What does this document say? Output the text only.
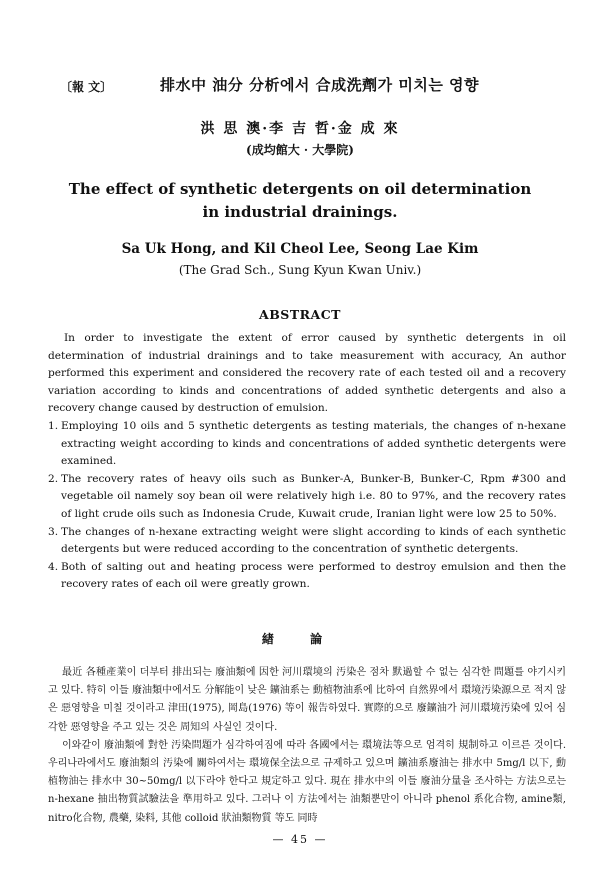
〔報 文〕	排水中 油分 分析에서 合成洗劑가 미치는 영향
洪 思 澳·李 吉 哲·金 成 來
(成均館大 · 大學院)
The effect of synthetic detergents on oil determination
in industrial drainings.
Sa Uk Hong, and Kil Cheol Lee, Seong Lae Kim
(The Grad Sch., Sung Kyun Kwan Univ.)
ABSTRACT

In order to investigate the extent of error caused by synthetic detergents in oil determination of industrial drainings and to take measurement with accuracy, An author performed this experiment and considered the recovery rate of each tested oil and a recovery variation according to kinds and concentrations of added synthetic detergents and also a recovery change caused by destruction of emulsion.

1. Employing 10 oils and 5 synthetic detergents as testing materials, the changes of n-hexane extracting weight according to kinds and concentrations of added synthetic detergents were examined.
2. The recovery rates of heavy oils such as Bunker-A, Bunker-B, Bunker-C, Rpm #300 and vegetable oil namely soy bean oil were relatively high i.e. 80 to 97%, and the recovery rates of light crude oils such as Indonesia Crude, Kuwait crude, Iranian light were low 25 to 50%.
3. The changes of n-hexane extracting weight were slight according to kinds of each synthetic detergents but were reduced according to the concentration of synthetic detergents.
4. Both of salting out and heating process were performed to destroy emulsion and then the recovery rates of each oil were greatly grown.
緖 論

最近 各種產業이 더부터 排出되는 廢油類에 因한 河川環境의 汚染은 점차 默過할 수 없는 심각한 問題를 야기시키고 있다. 特히 이들 廢油類中에서도 分解能이 낮은 鑛油系는 動植物油系에 比하여 自然界에서 環境汚染源으로 적지 않은 惡영향을 미칠 것이라고 津田(1975), 岡島(1976) 等이 報告하였다. 實際的으로 廢鑛油가 河川環境汚染에 있어 심각한 惡영향을 주고 있는 것은 周知의 사실인 것이다.

이와같이 廢油類에 對한 汚染問題가 심각하여짐에 따라 各國에서는 環境法等으로 엄격히 規制하고 이르른 것이다. 우리나라에서도 廢油類의 汚染에 關하여서는 環境保全法으로 규제하고 있으며 鑛油系廢油는 排水中 5mg/l 以下, 動植物油는 排水中 30~50mg/l 以下라야 한다고 規定하고 있다. 現在 排水中의 이들 廢油分量을 조사하는 方法으로는 n-hexane 抽出物質試驗法을 準用하고 있다. 그러나 이 方法에서는 油類뿐만이 아니라 phenol 系化合物, amine類, nitro化合物, 農藥, 染料, 其他 colloid 狀油類物質 等도 同時

— 45 —
